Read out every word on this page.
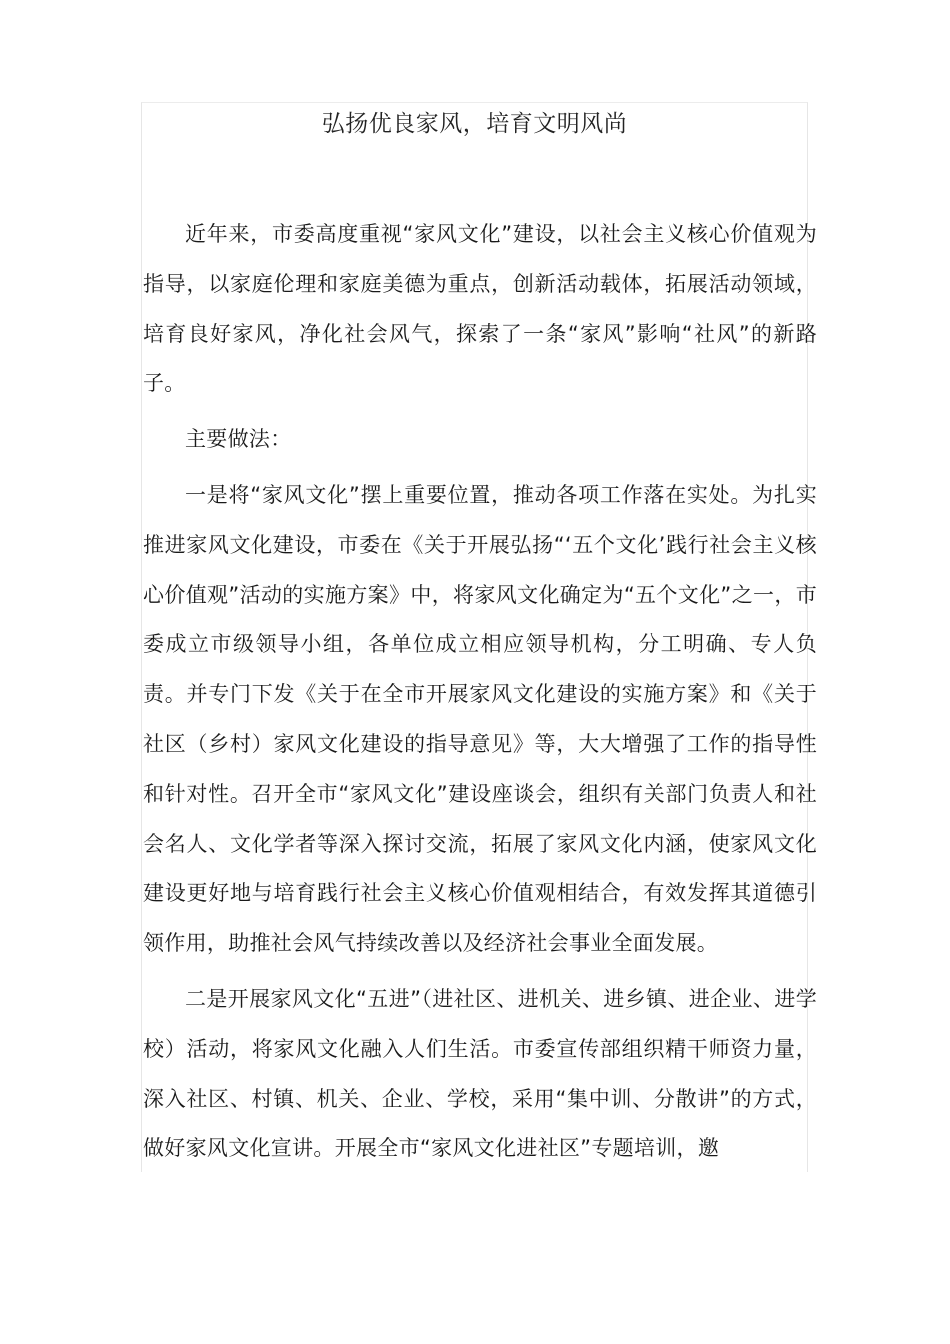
弘扬优良家风，培育文明风尚

近年来，市委高度重视“家风文化”建设，以社会主义核心价值观为指导，以家庭伦理和家庭美德为重点，创新活动载体，拓展活动领域，培育良好家风，净化社会风气，探索了一条“家风”影响“社风”的新路子。

主要做法：

一是将“家风文化”摆上重要位置，推动各项工作落在实处。为扎实推进家风文化建设，市委在《关于开展弘扬“‘五个文化’践行社会主义核心价值观”活动的实施方案》中，将家风文化确定为“五个文化”之一，市委成立市级领导小组，各单位成立相应领导机构，分工明确、专人负责。并专门下发《关于在全市开展家风文化建设的实施方案》和《关于社区（乡村）家风文化建设的指导意见》等，大大增强了工作的指导性和针对性。召开全市“家风文化”建设座谈会，组织有关部门负责人和社会名人、文化学者等深入探讨交流，拓展了家风文化内涵，使家风文化建设更好地与培育践行社会主义核心价值观相结合，有效发挥其道德引领作用，助推社会风气持续改善以及经济社会事业全面发展。

二是开展家风文化“五进”（进社区、进机关、进乡镇、进企业、进学校）活动，将家风文化融入人们生活。市委宣传部组织精干师资力量，深入社区、村镇、机关、企业、学校，采用“集中训、分散讲”的方式，做好家风文化宣讲。开展全市“家风文化进社区”专题培训，邀
